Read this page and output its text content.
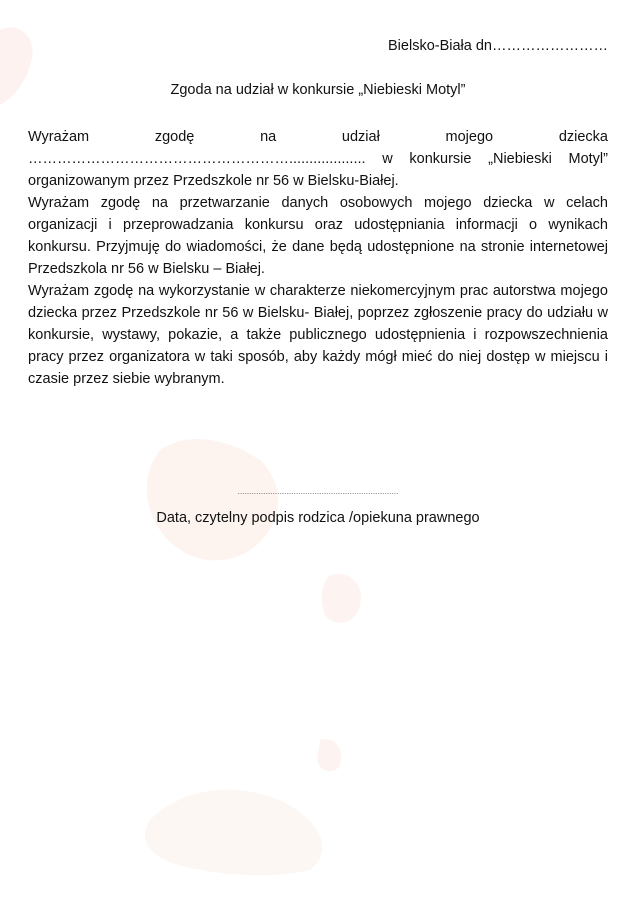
Bielsko-Biała dn……………………
Zgoda na udział w konkursie „Niebieski Motyl”

Wyrażam zgodę na udział mojego dziecka ………………………………………………................... w konkursie „Niebieski Motyl” organizowanym przez Przedszkole nr 56 w Bielsku-Białej.

Wyrażam zgodę na przetwarzanie danych osobowych mojego dziecka w celach organizacji i przeprowadzania konkursu oraz udostępniania informacji o wynikach konkursu. Przyjmuję do wiadomości, że dane będą udostępnione na stronie internetowej Przedszkola nr 56 w Bielsku – Białej.

Wyrażam zgodę na wykorzystanie w charakterze niekomercyjnym prac autorstwa mojego dziecka przez Przedszkole nr 56 w Bielsku- Białej, poprzez zgłoszenie pracy do udziału w konkursie, wystawy, pokazie, a także publicznego udostępnienia i rozpowszechnienia pracy przez organizatora w taki sposób, aby każdy mógł mieć do niej dostęp w miejscu i czasie przez siebie wybranym.

……………………………………………………………
Data, czytelny podpis rodzica /opiekuna prawnego
